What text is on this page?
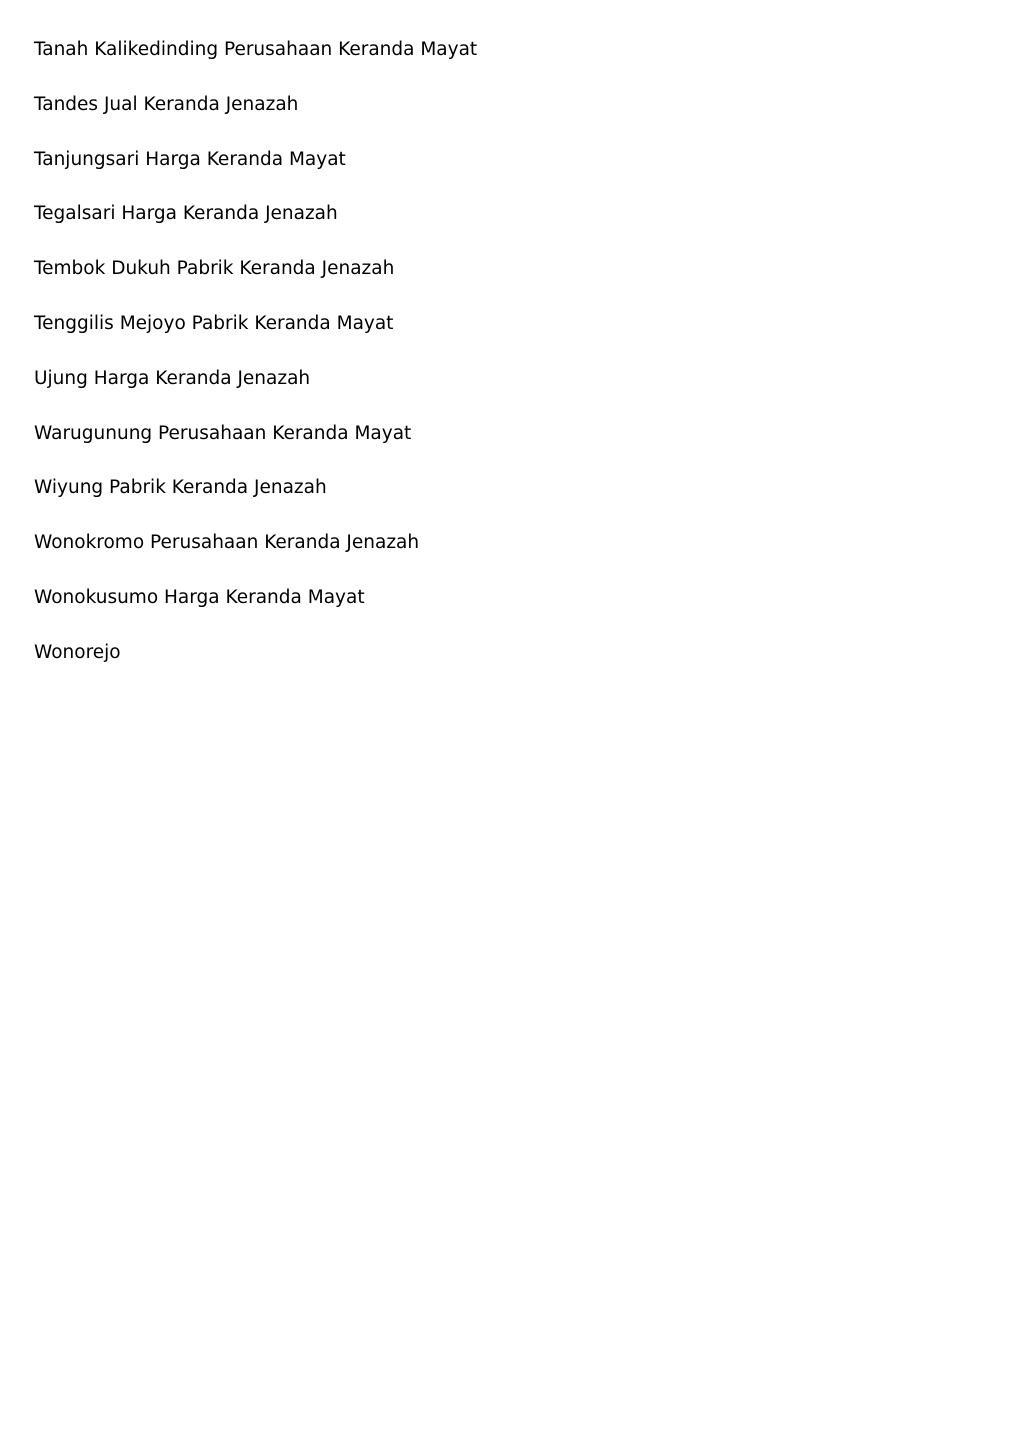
Tanah Kalikedinding Perusahaan Keranda Mayat
Tandes Jual Keranda Jenazah
Tanjungsari Harga Keranda Mayat
Tegalsari Harga Keranda Jenazah
Tembok Dukuh Pabrik Keranda Jenazah
Tenggilis Mejoyo Pabrik Keranda Mayat
Ujung Harga Keranda Jenazah
Warugunung Perusahaan Keranda Mayat
Wiyung Pabrik Keranda Jenazah
Wonokromo Perusahaan Keranda Jenazah
Wonokusumo Harga Keranda Mayat
Wonorejo
